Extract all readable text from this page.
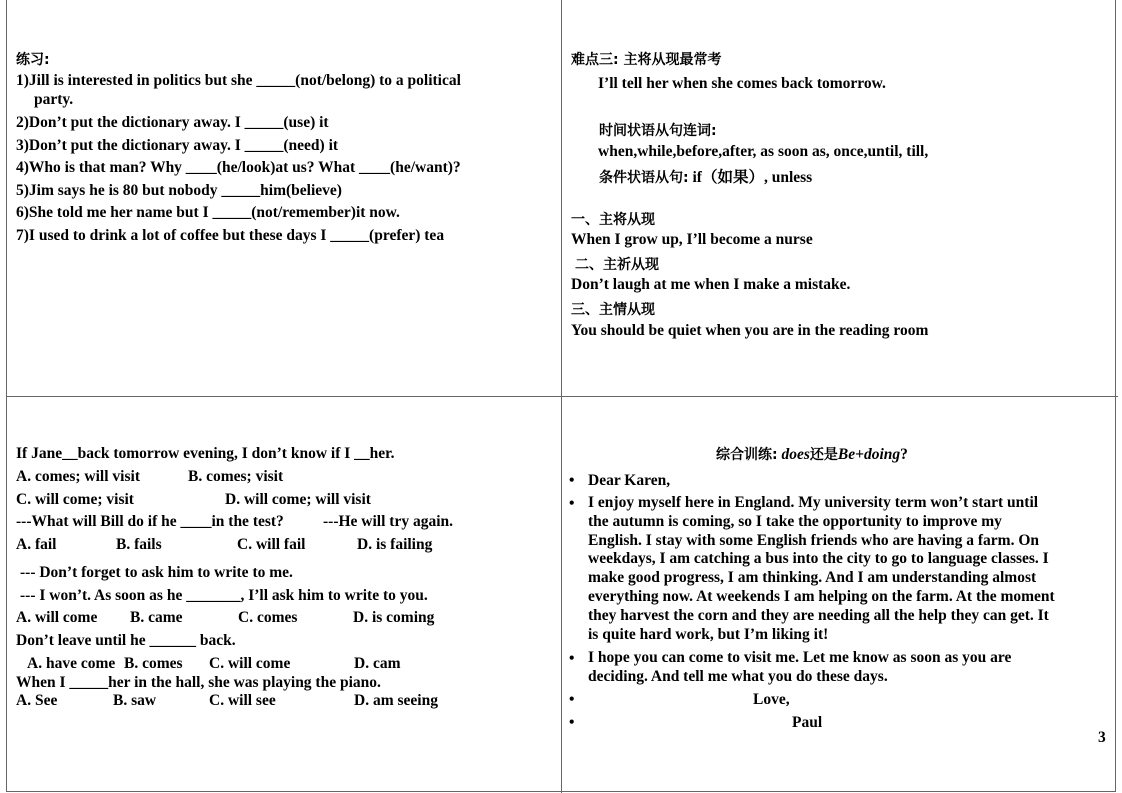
练习:
1)Jill is interested in politics but she _____(not/belong) to a political
party.
2)Don’t put the dictionary away. I _____(use) it
3)Don’t put the dictionary away. I _____(need) it
4)Who is that man? Why ____(he/look)at us? What ____(he/want)?
5)Jim says he is 80 but nobody _____him(believe)
6)She told me her name but I _____(not/remember)it now.
7)I used to drink a lot of coffee but these days I _____(prefer) tea
难点三: 主将从现最常考
I’ll tell her when she comes back tomorrow.
时间状语从句连词:
when,while,before,after, as soon as, once,until, till,
条件状语从句: if（如果）, unless
一、主将从现
When I grow up, I’ll become a nurse
二、主祈从现
Don’t laugh at me when I make a mistake.
三、主情从现
You should be quiet when you are in the reading room
If Jane__back tomorrow evening, I don’t know if I __her.
A. comes; will visit	B. comes; visit
C. will come; visit	D. will come; will visit
---What will Bill do if he ____in the test?	---He will try again.
A. fail	B. fails	C. will fail	D. is failing
--- Don’t forget to ask him to write to me.
--- I won’t. As soon as he _______, I’ll ask him to write to you.
A. will come B. came	C. comes	D. is coming
Don’t leave until he ______ back.
A. have come B. comes C. will come	D. cam
When I _____her in the hall, she was playing the piano.
A. See	B. saw	C. will see	D. am seeing
综合训练: does还是Be+doing?
• Dear Karen,
• I enjoy myself here in England. My university term won’t start until the autumn is coming, so I take the opportunity to improve my English. I stay with some English friends who are having a farm. On weekdays, I am catching a bus into the city to go to language classes. I make good progress, I am thinking. And I am understanding almost everything now. At weekends I am helping on the farm. At the moment they harvest the corn and they are needing all the help they can get. It is quite hard work, but I’m liking it!
• I hope you can come to visit me. Let me know as soon as you are deciding. And tell me what you do these days.
•	Love,
•	Paul
3
